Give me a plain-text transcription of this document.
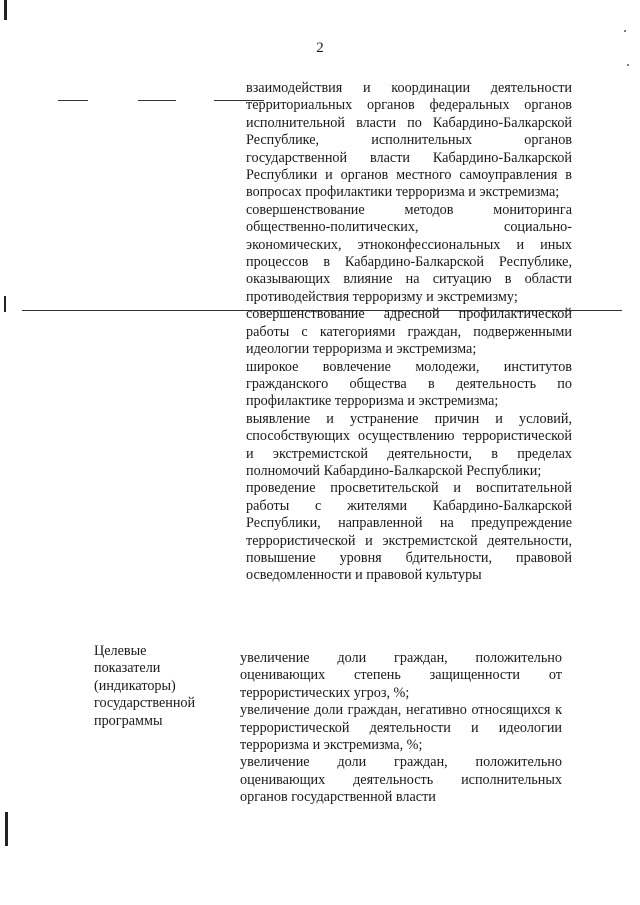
2

взаимодействия и координации деятельности территориальных органов федеральных органов исполнительной власти по Кабардино-Балкарской Республике, исполнительных органов государственной власти Кабардино-Балкарской Республики и органов местного самоуправления в вопросах профилактики терроризма и экстремизма;

совершенствование методов мониторинга общественно-политических, социально-экономических, этноконфессиональных и иных процессов в Кабардино-Балкарской Республике, оказывающих влияние на ситуацию в области противодействия терроризму и экстремизму;

совершенствование адресной профилактической работы с категориями граждан, подверженными идеологии терроризма и экстремизма;

широкое вовлечение молодежи, институтов гражданского общества в деятельность по профилактике терроризма и экстремизма;

выявление и устранение причин и условий, способствующих осуществлению террористической и экстремистской деятельности, в пределах полномочий Кабардино-Балкарской Республики;

проведение просветительской и воспитательной работы с жителями Кабардино-Балкарской Республики, направленной на предупреждение террористической и экстремистской деятельности, повышение уровня бдительности, правовой осведомленности и правовой культуры

Целевые показатели (индикаторы) государственной программы

увеличение доли граждан, положительно оценивающих степень защищенности от террористических угроз, %;

увеличение доли граждан, негативно относящихся к террористической деятельности и идеологии терроризма и экстремизма, %;

увеличение доли граждан, положительно оценивающих деятельность исполнительных органов государственной власти
